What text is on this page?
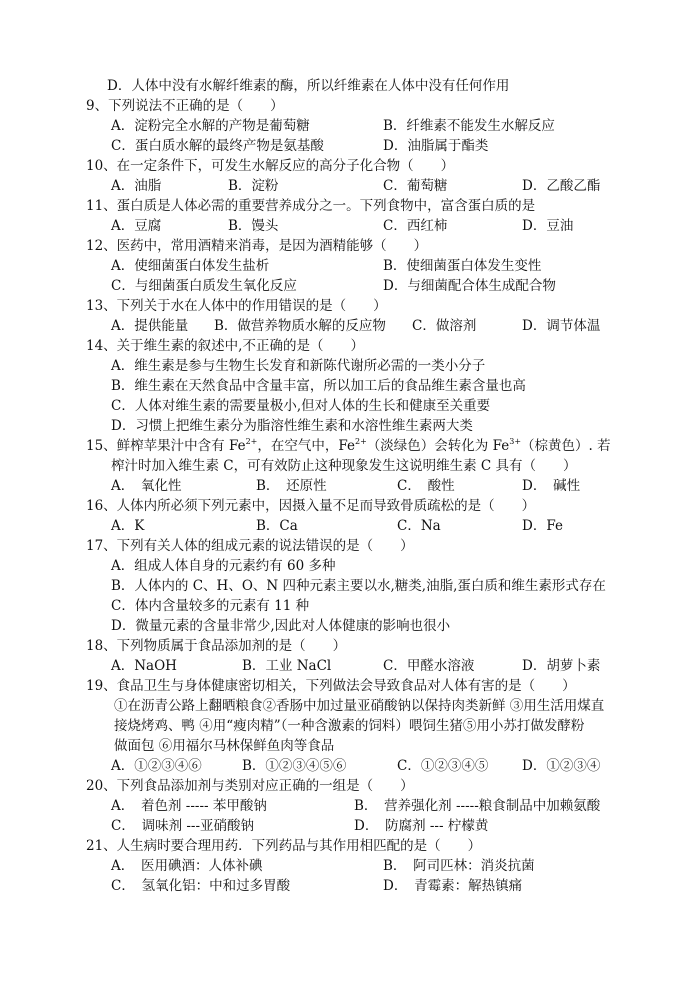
D．人体中没有水解纤维素的酶，所以纤维素在人体中没有任何作用
9、下列说法不正确的是（　　）
A．淀粉完全水解的产物是葡萄糖	B．纤维素不能发生水解反应
C．蛋白质水解的最终产物是氨基酸	D．油脂属于酯类
10、在一定条件下，可发生水解反应的高分子化合物（　　）
A．油脂	B．淀粉	C．葡萄糖	D．乙酸乙酯
11、蛋白质是人体必需的重要营养成分之一。下列食物中，富含蛋白质的是
A．豆腐	B．馒头	C．西红柿	D．豆油
12、医药中，常用酒精来消毒，是因为酒精能够（　　）
A．使细菌蛋白体发生盐析	B．使细菌蛋白体发生变性
C．与细菌蛋白质发生氧化反应	D．与细菌配合体生成配合物
13、下列关于水在人体中的作用错误的是（　　）
A．提供能量 B．做营养物质水解的反应物 C．做溶剂	D．调节体温
14、关于维生素的叙述中,不正确的是（　　）
A．维生素是参与生物生长发育和新陈代谢所必需的一类小分子
B．维生素在天然食品中含量丰富，所以加工后的食品维生素含量也高
C．人体对维生素的需要量极小,但对人体的生长和健康至关重要
D．习惯上把维生素分为脂溶性维生素和水溶性维生素两大类
15、鲜榨苹果汁中含有 $Fe^{2+}$，在空气中，$Fe^{2+}$（淡绿色）会转化为 $Fe^{3+}$（棕黄色）. 若
榨汁时加入维生素 C，可有效防止这种现象发生这说明维生素 C 具有（　　）
A．　氧化性	B．　还原性	C．　酸性	D．　碱性
16、人体内所必须下列元素中，因摄入量不足而导致骨质疏松的是（　　）
A．K	B．Ca	C．Na	D．Fe
17、下列有关人体的组成元素的说法错误的是（　　）
A．组成人体自身的元素约有 60 多种
B．人体内的 C、H、O、N 四种元素主要以水,糖类,油脂,蛋白质和维生素形式存在
C．体内含量较多的元素有 11 种
D．微量元素的含量非常少,因此对人体健康的影响也很小
18、下列物质属于食品添加剂的是（　　）
A．NaOH	B．工业 NaCl	C．甲醛水溶液	D．胡萝卜素
19、食品卫生与身体健康密切相关，下列做法会导致食品对人体有害的是（　　）
①在沥青公路上翻晒粮食②香肠中加过量亚硝酸钠以保持肉类新鲜 ③用生活用煤直
接烧烤鸡、鸭 ④用“瘦肉精”（一种含激素的饲料）喂饲生猪⑤用小苏打做发酵粉
做面包 ⑥用福尔马林保鲜鱼肉等食品
A．①②③④⑥	B．①②③④⑤⑥	C．①②③④⑤ D．①②③④
20、下列食品添加剂与类别对应正确的一组是（　　）
A．　着色剂 ----- 苯甲酸钠	B．　营养强化剂 -----粮食制品中加赖氨酸
C．　调味剂 ---亚硝酸钠	D．　防腐剂 --- 柠檬黄
21、人生病时要合理用药．下列药品与其作用相匹配的是（　　）
A．　医用碘酒：人体补碘	B．　阿司匹林：消炎抗菌
C．　氢氧化铝：中和过多胃酸	D．　青霉素：解热镇痛
